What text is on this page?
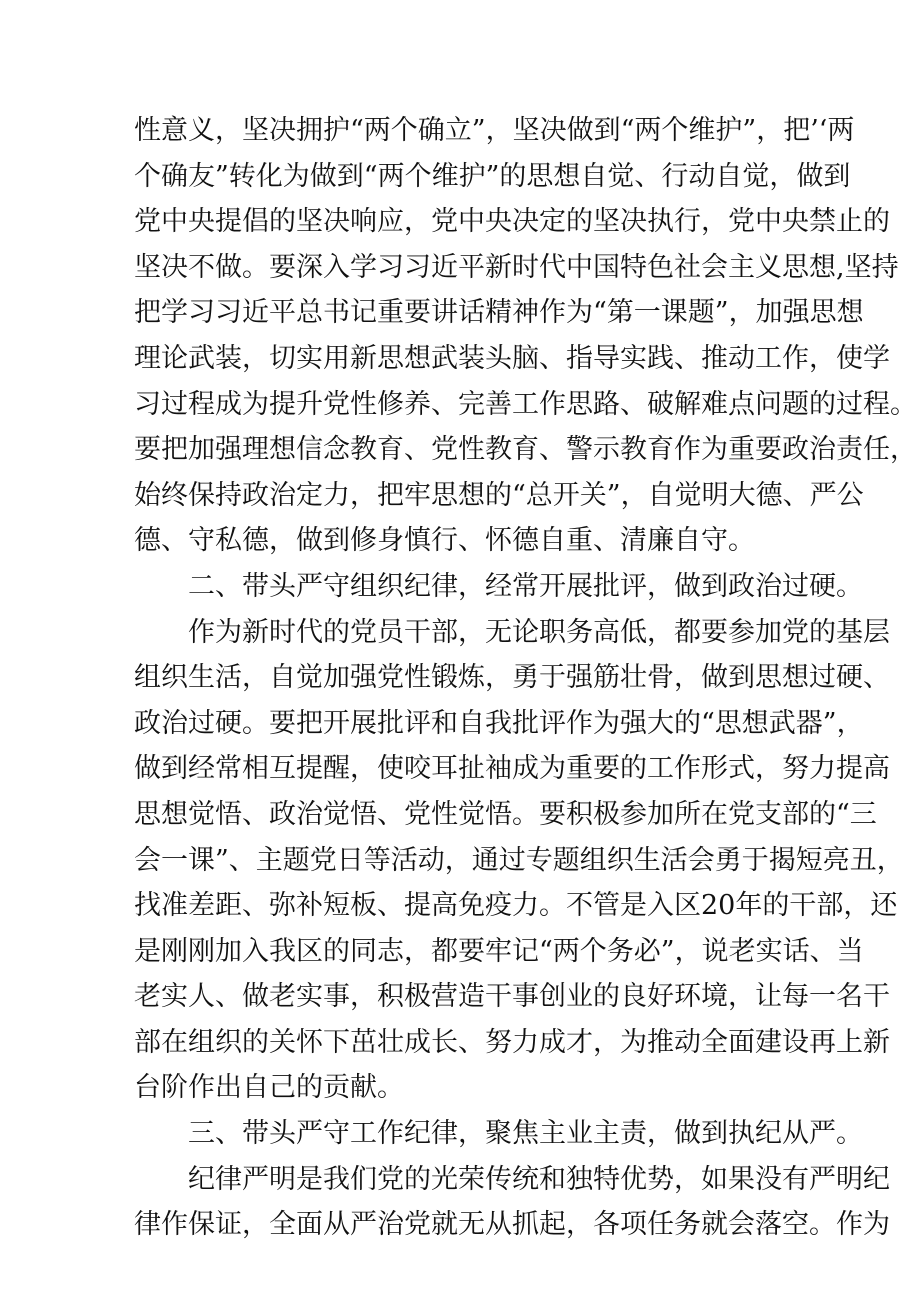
性意义，坚决拥护“两个确立”，坚决做到“两个维护”，把’‘两
个确友”转化为做到“两个维护”的思想自觉、行动自觉，做到
党中央提倡的坚决响应，党中央决定的坚决执行，党中央禁止的
坚决不做。要深入学习习近平新时代中国特色社会主义思想,坚持
把学习习近平总书记重要讲话精神作为“第一课题”，加强思想
理论武装，切实用新思想武装头脑、指导实践、推动工作，使学
习过程成为提升党性修养、完善工作思路、破解难点问题的过程。
要把加强理想信念教育、党性教育、警示教育作为重要政治责任，
始终保持政治定力，把牢思想的“总开关”，自觉明大德、严公
德、守私德，做到修身慎行、怀德自重、清廉自守。
二、带头严守组织纪律，经常开展批评，做到政治过硬。
作为新时代的党员干部，无论职务高低，都要参加党的基层
组织生活，自觉加强党性锻炼，勇于强筋壮骨，做到思想过硬、
政治过硬。要把开展批评和自我批评作为强大的“思想武器”，
做到经常相互提醒，使咬耳扯袖成为重要的工作形式，努力提高
思想觉悟、政治觉悟、党性觉悟。要积极参加所在党支部的“三
会一课”、主题党日等活动，通过专题组织生活会勇于揭短亮丑，
找准差距、弥补短板、提高免疫力。不管是入区20年的干部，还
是刚刚加入我区的同志，都要牢记“两个务必”，说老实话、当
老实人、做老实事，积极营造干事创业的良好环境，让每一名干
部在组织的关怀下茁壮成长、努力成才，为推动全面建设再上新
台阶作出自己的贡献。
三、带头严守工作纪律，聚焦主业主责，做到执纪从严。
纪律严明是我们党的光荣传统和独特优势，如果没有严明纪
律作保证，全面从严治党就无从抓起，各项任务就会落空。作为
